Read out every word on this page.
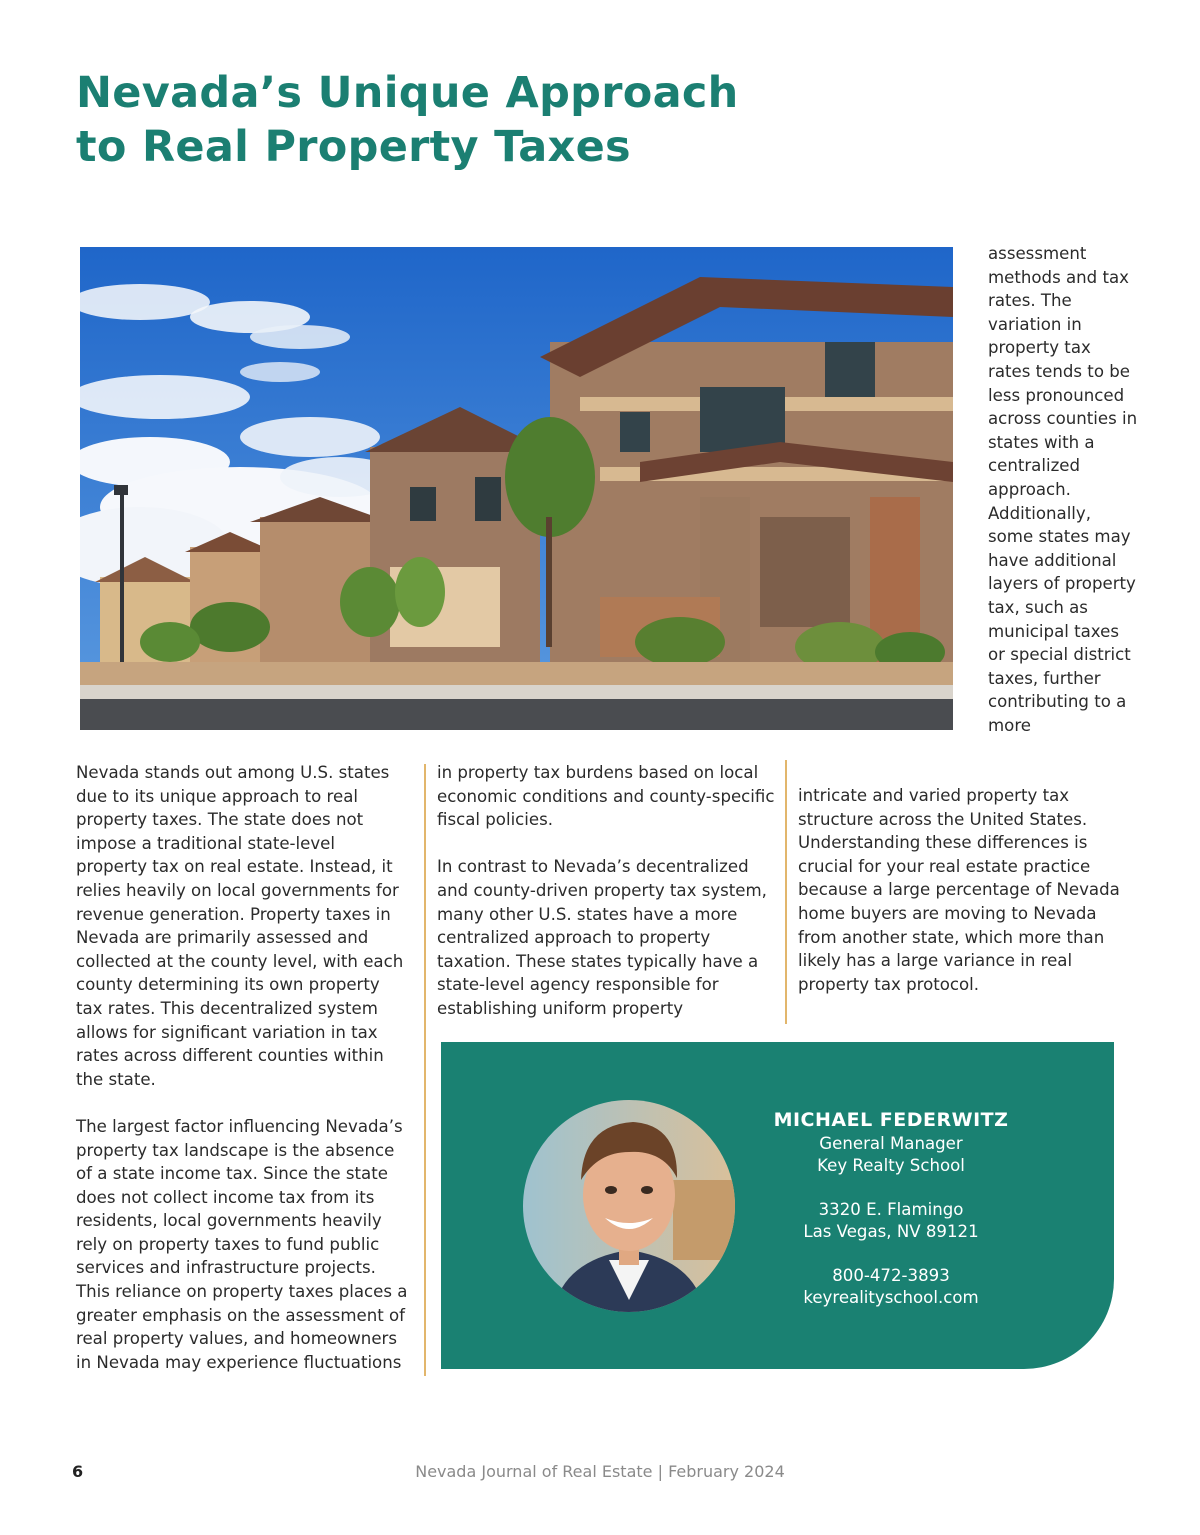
Nevada’s Unique Approach
to Real Property Taxes

Nevada stands out among U.S. states due to its unique approach to real property taxes. The state does not impose a traditional state-level property tax on real estate. Instead, it relies heavily on local governments for revenue generation. Property taxes in Nevada are primarily assessed and collected at the county level, with each county determining its own property tax rates. This decentralized system allows for significant variation in tax rates across different counties within the state.

The largest factor influencing Nevada’s property tax landscape is the absence of a state income tax. Since the state does not collect income tax from its residents, local governments heavily rely on property taxes to fund public services and infrastructure projects. This reliance on property taxes places a greater emphasis on the assessment of real property values, and homeowners in Nevada may experience fluctuations

in property tax burdens based on local economic conditions and county-specific fiscal policies.

In contrast to Nevada’s decentralized and county-driven property tax system, many other U.S. states have a more centralized approach to property taxation. These states typically have a state-level agency responsible for establishing uniform property

assessment methods and tax rates. The variation in property tax rates tends to be less pronounced across counties in states with a centralized approach. Additionally, some states may have additional layers of property tax, such as municipal taxes or special district taxes, further contributing to a more

intricate and varied property tax structure across the United States. Understanding these differences is crucial for your real estate practice because a large percentage of Nevada home buyers are moving to Nevada from another state, which more than likely has a large variance in real property tax protocol.

MICHAEL FEDERWITZ
General Manager
Key Realty School
3320 E. Flamingo
Las Vegas, NV 89121
800-472-3893
keyrealityschool.com
6	Nevada Journal of Real Estate | February 2024
